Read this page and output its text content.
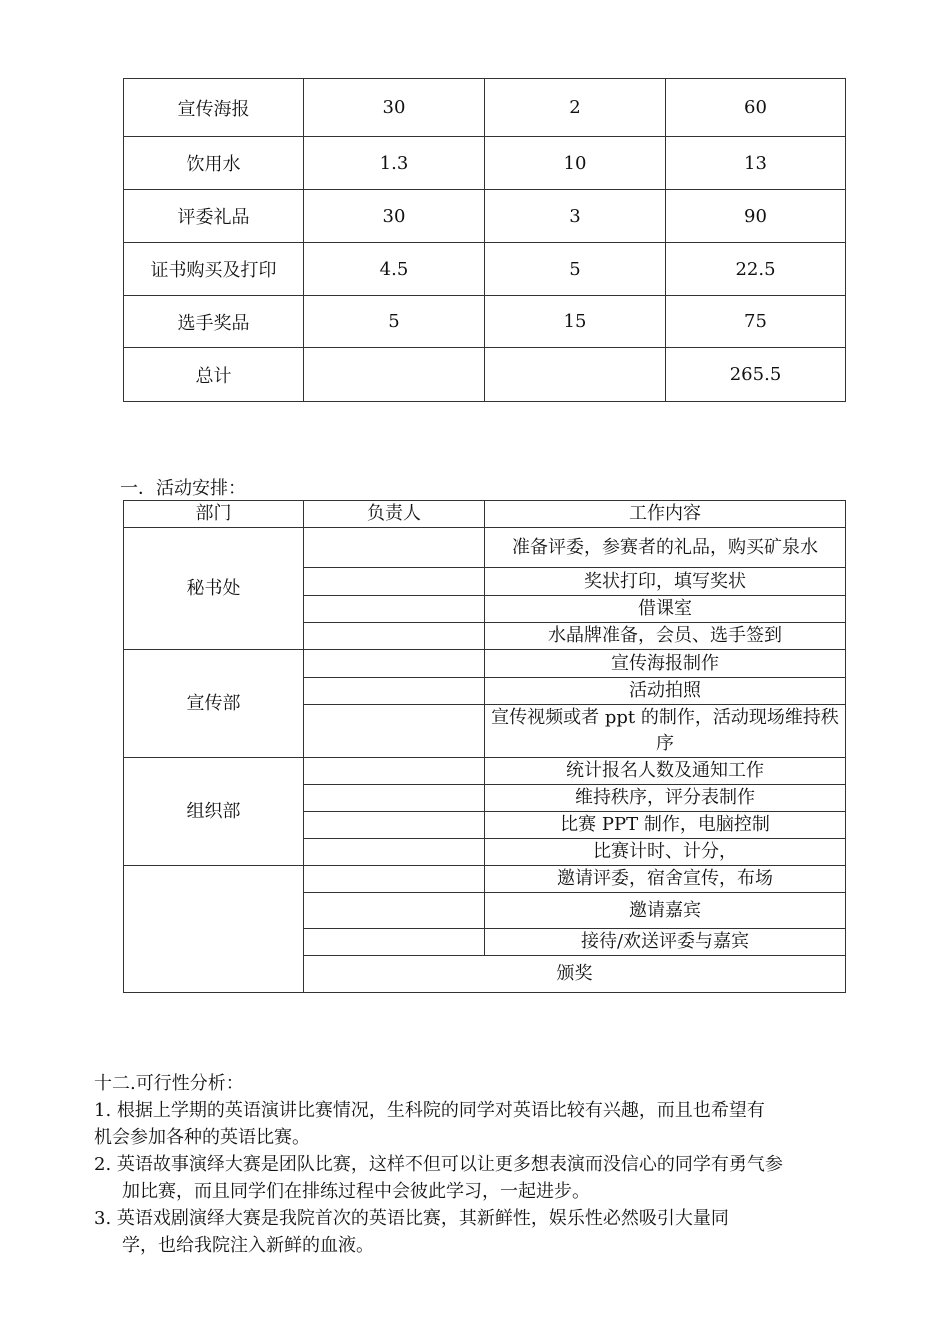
宣传海报	30	2	60
饮用水	1.3	10	13
评委礼品	30	3	90
证书购买及打印	4.5	5	22.5
选手奖品	5	15	75
总计			265.5
一．活动安排：
部门	负责人	工作内容
秘书处		准备评委，参赛者的礼品，购买矿泉水
		奖状打印，填写奖状
		借课室
		水晶牌准备，会员、选手签到
宣传部		宣传海报制作
		活动拍照
		宣传视频或者 ppt 的制作，活动现场维持秩序
组织部		统计报名人数及通知工作
		维持秩序，评分表制作
		比赛 PPT 制作，电脑控制
		比赛计时、计分，
		邀请评委，宿舍宣传，布场
		邀请嘉宾
		接待/欢送评委与嘉宾
	颁奖	

十二.可行性分析：

1. 根据上学期的英语演讲比赛情况，生科院的同学对英语比较有兴趣，而且也希望有

机会参加各种的英语比赛。

2. 英语故事演绎大赛是团队比赛，这样不但可以让更多想表演而没信心的同学有勇气参

加比赛，而且同学们在排练过程中会彼此学习，一起进步。

3. 英语戏剧演绎大赛是我院首次的英语比赛，其新鲜性，娱乐性必然吸引大量同

学，也给我院注入新鲜的血液。
